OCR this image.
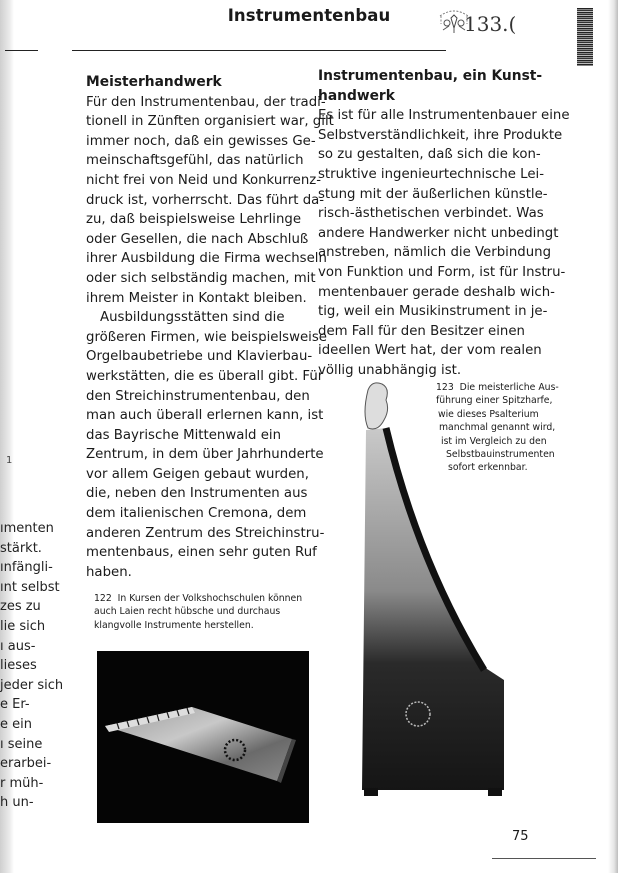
Instrumentenbau	133.(
Meisterhandwerk
Für den Instrumentenbau, der tradi-
tionell in Zünften organisiert war, gilt
immer noch, daß ein gewisses Ge-
meinschaftsgefühl, das natürlich
nicht frei von Neid und Konkurrenz-
druck ist, vorherrscht. Das führt da-
zu, daß beispielsweise Lehrlinge
oder Gesellen, die nach Abschluß
ihrer Ausbildung die Firma wechseln
oder sich selbständig machen, mit
ihrem Meister in Kontakt bleiben.
Ausbildungsstätten sind die
größeren Firmen, wie beispielsweise
Orgelbaubetriebe und Klavierbau-
werkstätten, die es überall gibt. Für
den Streichinstrumentenbau, den
man auch überall erlernen kann, ist
das Bayrische Mittenwald ein
Zentrum, in dem über Jahrhunderte
vor allem Geigen gebaut wurden,
die, neben den Instrumenten aus
dem italienischen Cremona, dem
anderen Zentrum des Streichinstru-
mentenbaus, einen sehr guten Ruf
haben.
Instrumentenbau, ein Kunst-
handwerk
Es ist für alle Instrumentenbauer eine
Selbstverständlichkeit, ihre Produkte
so zu gestalten, daß sich die kon-
struktive ingenieurtechnische Lei-
stung mit der äußerlichen künstle-
risch-ästhetischen verbindet. Was
andere Handwerker nicht unbedingt
anstreben, nämlich die Verbindung
von Funktion und Form, ist für Instru-
mentenbauer gerade deshalb wich-
tig, weil ein Musikinstrument in je-
dem Fall für den Besitzer einen
ideellen Wert hat, der vom realen
völlig unabhängig ist.
122 In Kursen der Volkshochschulen können
auch Laien recht hübsche und durchaus
klangvolle Instrumente herstellen.
123 Die meisterliche Aus-
führung einer Spitzharfe,
wie dieses Psalterium
manchmal genannt wird,
ist im Vergleich zu den
Selbstbauinstrumenten
sofort erkennbar.
1
ımenten
stärkt.
ınfängli-
ınt selbst
zes zu
lie sich
ı aus-
lieses
jeder sich
e Er-
e ein
ı seine
erarbei-
r müh-
h un-
75
